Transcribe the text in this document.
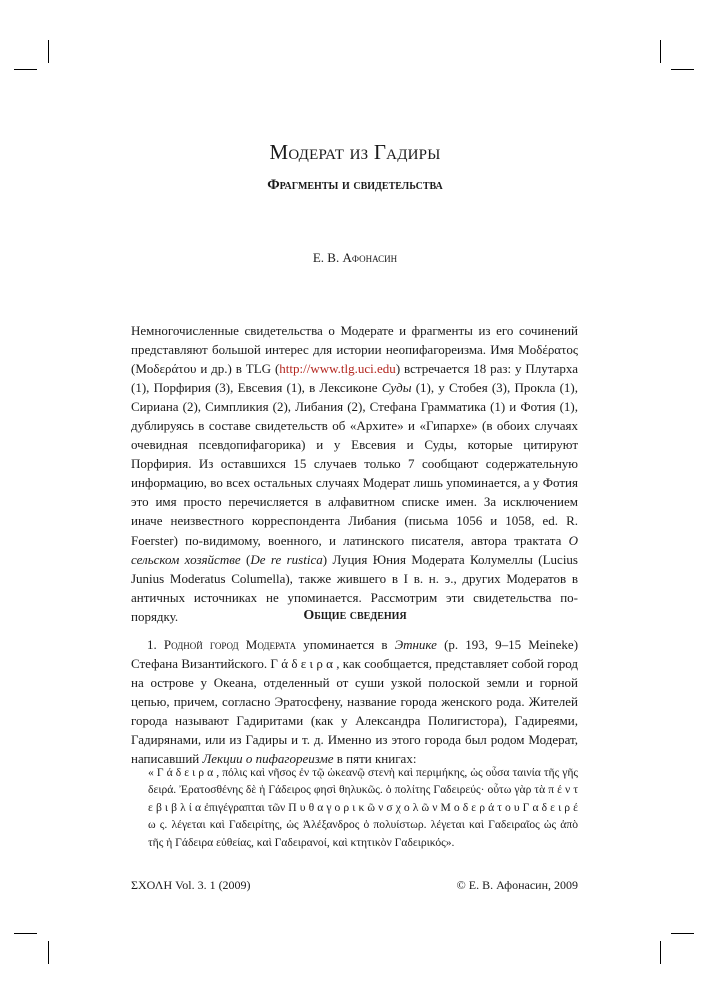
Модерат из Гадиры
Фрагменты и свидетельства
Е. В. Афонасин
Немногочисленные свидетельства о Модерате и фрагменты из его сочинений представляют большой интерес для истории неопифагореизма. Имя Μοδέρατος (Μοδεράτου и др.) в TLG (http://www.tlg.uci.edu) встречается 18 раз: у Плутарха (1), Порфирия (3), Евсевия (1), в Лексиконе Суды (1), у Стобея (3), Прокла (1), Сириана (2), Симпликия (2), Либания (2), Стефана Грамматика (1) и Фотия (1), дублируясь в составе свидетельств об «Архите» и «Гипархе» (в обоих случаях очевидная псевдопифагорика) и у Евсевия и Суды, которые цитируют Порфирия. Из оставшихся 15 случаев только 7 сообщают содержательную информацию, во всех остальных случаях Модерат лишь упоминается, а у Фотия это имя просто перечисляется в алфавитном списке имен. За исключением иначе неизвестного корреспондента Либания (письма 1056 и 1058, ed. R. Foerster) по-видимому, военного, и латинского писателя, автора трактата О сельском хозяйстве (De re rustica) Луция Юния Модерата Колумеллы (Lucius Junius Moderatus Columella), также жившего в I в. н. э., других Модератов в античных источниках не упоминается. Рассмотрим эти свидетельства по-порядку.	Общие сведения
1. Родной город Модерата упоминается в Этнике (p. 193, 9–15 Meineke) Стефана Византийского. Γ ά δ ε ι ρ α , как сообщается, представляет собой город на острове у Океана, отделенный от суши узкой полоской земли и горной цепью, причем, согласно Эратосфену, название города женского рода. Жителей города называют Гадиритами (как у Александра Полигистора), Гадиреями, Гадирянами, или из Гадиры и т. д. Именно из этого города был родом Модерат, написавший Лекции о пифагореизме в пяти книгах:
« Γ ά δ ε ι ρ α , πόλις καὶ νῆσος ἐν τῷ ὠκεανῷ στενὴ καὶ περιμήκης, ὡς οὖσα ταινία τῆς γῆς δειρά. Ἐρατοσθένης δὲ ἡ Γάδειρος φησὶ θηλυκῶς. ὁ πολίτης Γαδειρεύς· οὗτω γὰρ τὰ π έ ν τ ε β ι β λ ί α ἐπιγέγραπται τῶν Π υ θ α γ ο ρ ι κ ῶ ν σ χ ο λ ῶ ν Μ ο δ ε ρ ά τ ο υ Γ α δ ε ι ρ έ ω ς. λέγεται καὶ Γαδειρίτης, ὡς Ἀλέξανδρος ὁ πολυίστωρ. λέγεται καὶ Γαδειραῖος ὡς ἀπὸ τῆς ἡ Γάδειρα εὐθείας, καὶ Γαδειρανοί, καὶ κτητικὸν Γαδειρικός».
ΣΧΟΛΗ Vol. 3. 1 (2009)	© Е. В. Афонасин, 2009
